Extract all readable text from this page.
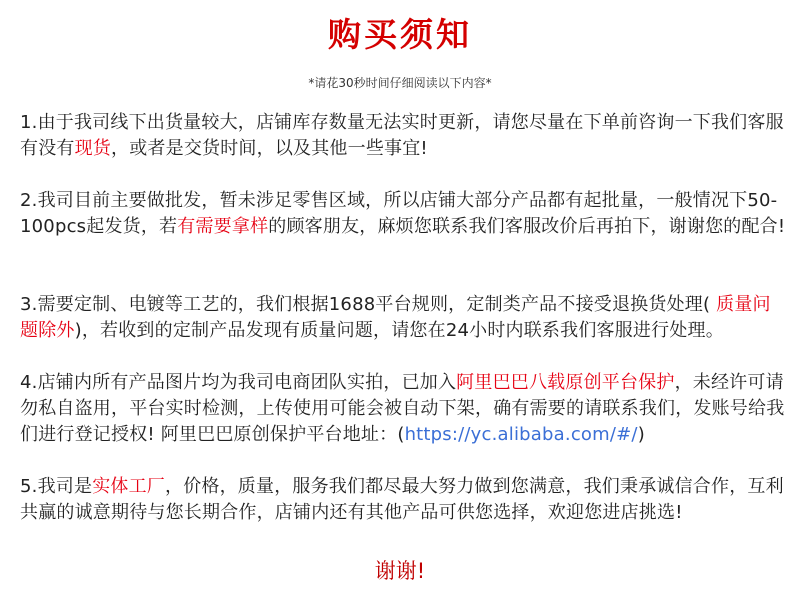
购买须知
*请花30秒时间仔细阅读以下内容*
1.由于我司线下出货量较大，店铺库存数量无法实时更新，请您尽量在下单前咨询一下我们客服有没有现货，或者是交货时间，以及其他一些事宜!
2.我司目前主要做批发，暂未涉足零售区域，所以店铺大部分产品都有起批量，一般情况下50- 100pcs起发货，若有需要拿样的顾客朋友，麻烦您联系我们客服改价后再拍下，谢谢您的配合!
3.需要定制、电镀等工艺的，我们根据1688平台规则，定制类产品不接受退换货处理( 质量问题除外)，若收到的定制产品发现有质量问题，请您在24小时内联系我们客服进行处理。
4.店铺内所有产品图片均为我司电商团队实拍，已加入阿里巴巴八载原创平台保护，未经许可请勿私自盗用，平台实时检测，上传使用可能会被自动下架，确有需要的请联系我们，发账号给我们进行登记授权! 阿里巴巴原创保护平台地址：(https://yc.alibaba.com/#/)
5.我司是实体工厂，价格，质量，服务我们都尽最大努力做到您满意，我们秉承诚信合作，互利共赢的诚意期待与您长期合作，店铺内还有其他产品可供您选择，欢迎您进店挑选!
谢谢!
